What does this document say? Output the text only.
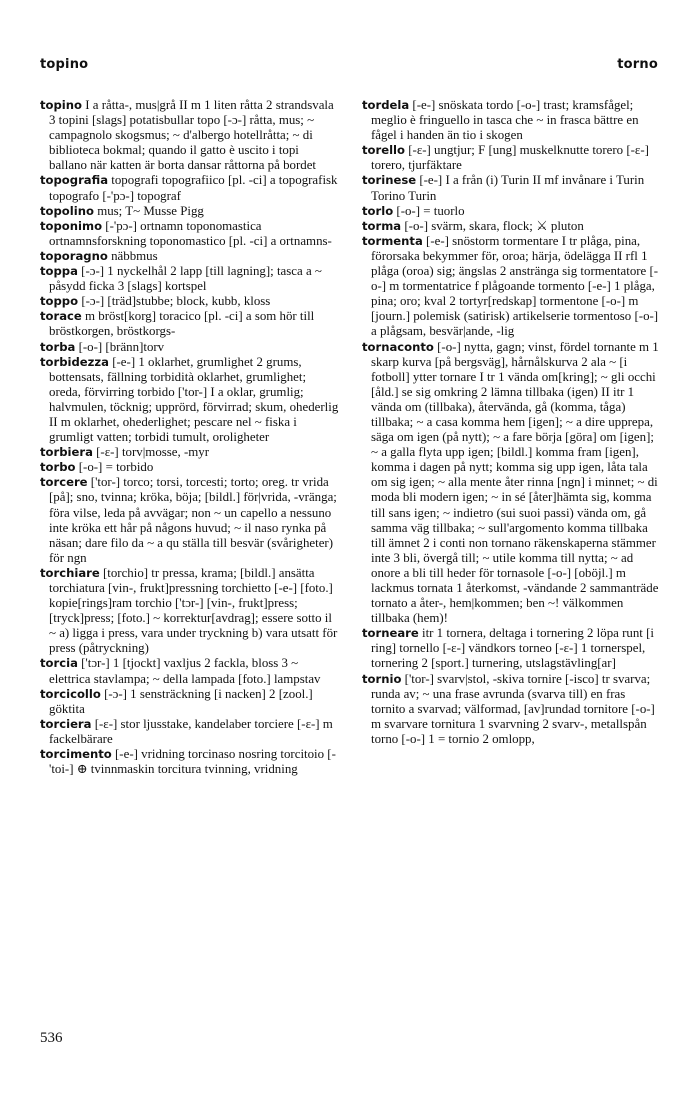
topino	torno

topino I a råtta-, mus|grå II m 1 liten råtta 2 strandsvala 3 topini [slags] potatisbullar topo [-ɔ-] råtta, mus; ~ campagnolo skogsmus; ~ d'albergo hotellråtta; ~ di biblioteca bokmal; quando il gatto è uscito i topi ballano när katten är borta dansar råttorna på bordet

topografia topografi topografiico [pl. -ci] a topografisk topografo [-'pɔ-] topograf

topolino mus; T~ Musse Pigg

toponimo [-'pɔ-] ortnamn toponomastica ortnamnsforskning toponomastico [pl. -ci] a ortnamns-

toporagno näbbmus

toppa [-ɔ-] 1 nyckelhål 2 lapp [till lagning]; tasca a ~ påsydd ficka 3 [slags] kortspel

toppo [-ɔ-] [träd]stubbe; block, kubb, kloss

torace m bröst[korg] toracico [pl. -ci] a som hör till bröstkorgen, bröstkorgs-

torba [-o-] [bränn]torv

torbidezza [-e-] 1 oklarhet, grumlighet 2 grums, bottensats, fällning torbidità oklarhet, grumlighet; oreda, förvirring torbido ['tor-] I a oklar, grumlig; halvmulen, töcknig; upprörd, förvirrad; skum, ohederlig II m oklarhet, ohederlighet; pescare nel ~ fiska i grumligt vatten; torbidi tumult, oroligheter

torbiera [-ɛ-] torv|mosse, -myr

torbo [-o-] = torbido

torcere ['tor-] torco; torsi, torcesti; torto; oreg. tr vrida [på]; sno, tvinna; kröka, böja; [bildl.] för|vrida, -vränga; föra vilse, leda på avvägar; non ~ un capello a nessuno inte kröka ett hår på någons huvud; ~ il naso rynka på näsan; dare filo da ~ a qu ställa till besvär (svårigheter) för ngn

torchiare [torchio] tr pressa, krama; [bildl.] ansätta torchiatura [vin-, frukt]pressning torchietto [-e-] [foto.] kopie[rings]ram torchio ['tɔr-] [vin-, frukt]press; [tryck]press; [foto.] ~ korrektur[avdrag]; essere sotto il ~ a) ligga i press, vara under tryckning b) vara utsatt för press (påtryckning)

torcia ['tɔr-] 1 [tjockt] vaxljus 2 fackla, bloss 3 ~ elettrica stavlampa; ~ della lampada [foto.] lampstav

torcicollo [-ɔ-] 1 sensträckning [i nacken] 2 [zool.] göktita

torciera [-ɛ-] stor ljusstake, kandelaber torciere [-ɛ-] m fackelbärare

torcimento [-e-] vridning torcinaso nosring torcitoio [-'toi-] ⊕ tvinnmaskin torcitura tvinning, vridning

tordela [-e-] snöskata tordo [-o-] trast; kramsfågel; meglio è fringuello in tasca che ~ in frasca bättre en fågel i handen än tio i skogen

torello [-ɛ-] ungtjur; F [ung] muskelknutte torero [-ɛ-] torero, tjurfäktare

torinese [-e-] I a från (i) Turin II mf invånare i Turin Torino Turin

torlo [-o-] = tuorlo

torma [-o-] svärm, skara, flock; ⚔ pluton

tormenta [-e-] snöstorm tormentare I tr plåga, pina, förorsaka bekymmer för, oroa; härja, ödelägga II rfl 1 plåga (oroa) sig; ängslas 2 anstränga sig tormentatore [-o-] m tormentatrice f plågoande tormento [-e-] 1 plåga, pina; oro; kval 2 tortyr[redskap] tormentone [-o-] m [journ.] polemisk (satirisk) artikelserie tormentoso [-o-] a plågsam, besvär|ande, -lig

tornaconto [-o-] nytta, gagn; vinst, fördel tornante m 1 skarp kurva [på bergsväg], hårnålskurva 2 ala ~ [i fotboll] ytter tornare I tr 1 vända om[kring]; ~ gli occhi [åld.] se sig omkring 2 lämna tillbaka (igen) II itr 1 vända om (tillbaka), återvända, gå (komma, tåga) tillbaka; ~ a casa komma hem [igen]; ~ a dire upprepa, säga om igen (på nytt); ~ a fare börja [göra] om [igen]; ~ a galla flyta upp igen; [bildl.] komma fram [igen], komma i dagen på nytt; komma sig upp igen, låta tala om sig igen; ~ alla mente åter rinna [ngn] i minnet; ~ di moda bli modern igen; ~ in sé [åter]hämta sig, komma till sans igen; ~ indietro (sui suoi passi) vända om, gå samma väg tillbaka; ~ sull'argomento komma tillbaka till ämnet 2 i conti non tornano räkenskaperna stämmer inte 3 bli, övergå till; ~ utile komma till nytta; ~ ad onore a bli till heder för tornasole [-o-] [oböjl.] m lackmus tornata 1 återkomst, -vändande 2 sammanträde tornato a åter-, hem|kommen; ben ~! välkommen tillbaka (hem)!

torneare itr 1 tornera, deltaga i tornering 2 löpa runt [i ring] tornello [-ɛ-] vändkors torneo [-ɛ-] 1 tornerspel, tornering 2 [sport.] turnering, utslagstävling[ar]

tornio ['tor-] svarv|stol, -skiva tornire [-isco] tr svarva; runda av; ~ una frase avrunda (svarva till) en fras tornito a svarvad; välformad, [av]rundad tornitore [-o-] m svarvare tornitura 1 svarvning 2 svarv-, metallspån torno [-o-] 1 = tornio 2 omlopp,

536
